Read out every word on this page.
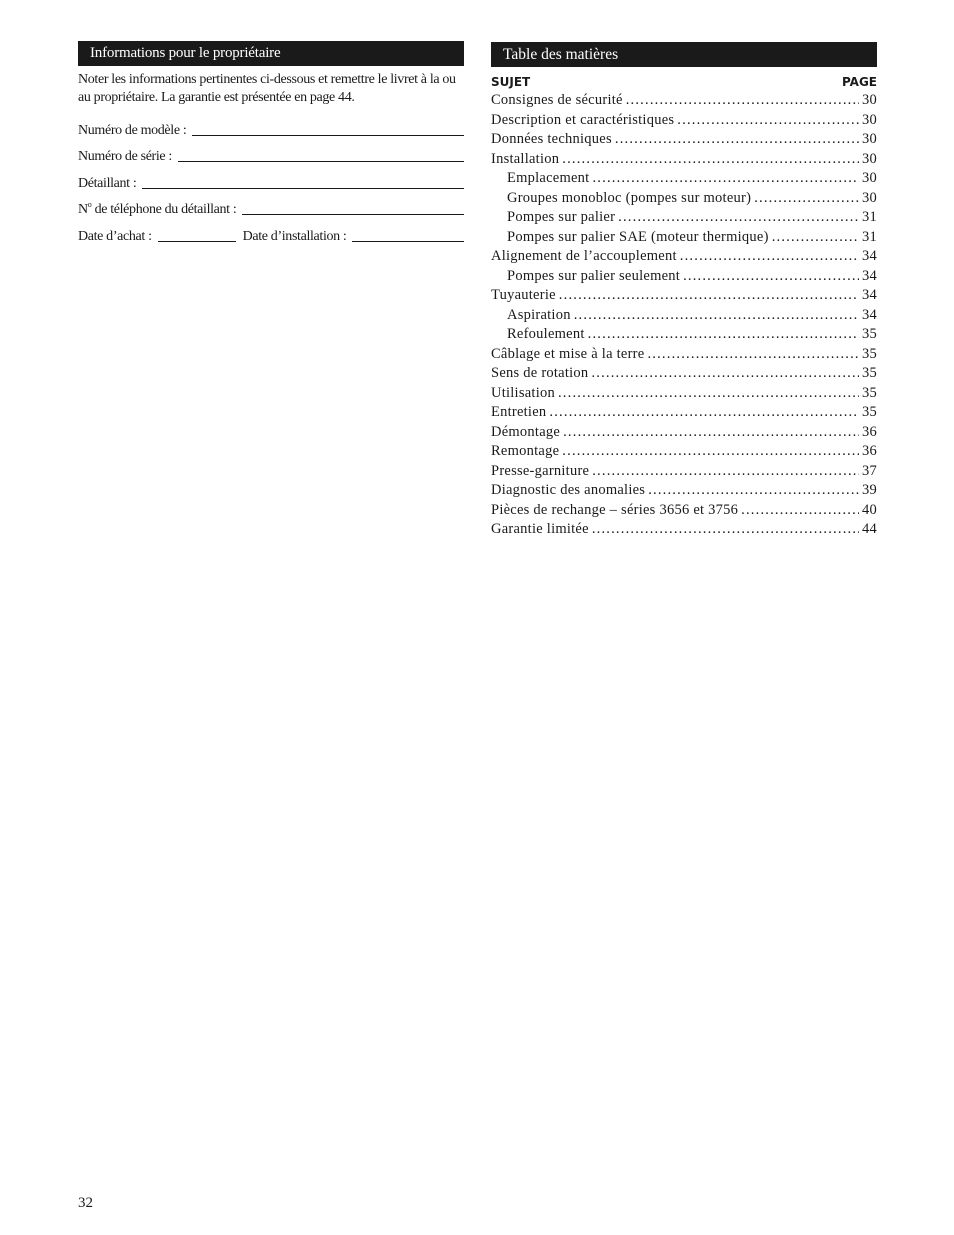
Informations pour le propriétaire
Noter les informations pertinentes ci-dessous et remettre le livret à la ou au propriétaire. La garantie est présentée en page 44.
Numéro de modèle :
Numéro de série :
Détaillant :
$N^o$ de téléphone du détaillant :
Date d’achat :	Date d’installation :
Table des matières
SUJET	PAGE
Consignes de sécurité .....	30
Description et caractéristiques .....	30
Données techniques .....	30
Installation .....	30
Emplacement .....	30
Groupes monobloc (pompes sur moteur) .....	30
Pompes sur palier .....	31
Pompes sur palier SAE (moteur thermique) .....	31
Alignement de l’accouplement .....	34
Pompes sur palier seulement .....	34
Tuyauterie .....	34
Aspiration .....	34
Refoulement .....	35
Câblage et mise à la terre .....	35
Sens de rotation .....	35
Utilisation .....	35
Entretien .....	35
Démontage .....	36
Remontage .....	36
Presse-garniture .....	37
Diagnostic des anomalies .....	39
Pièces de rechange – séries 3656 et 3756 .....	40
Garantie limitée .....	44
32
